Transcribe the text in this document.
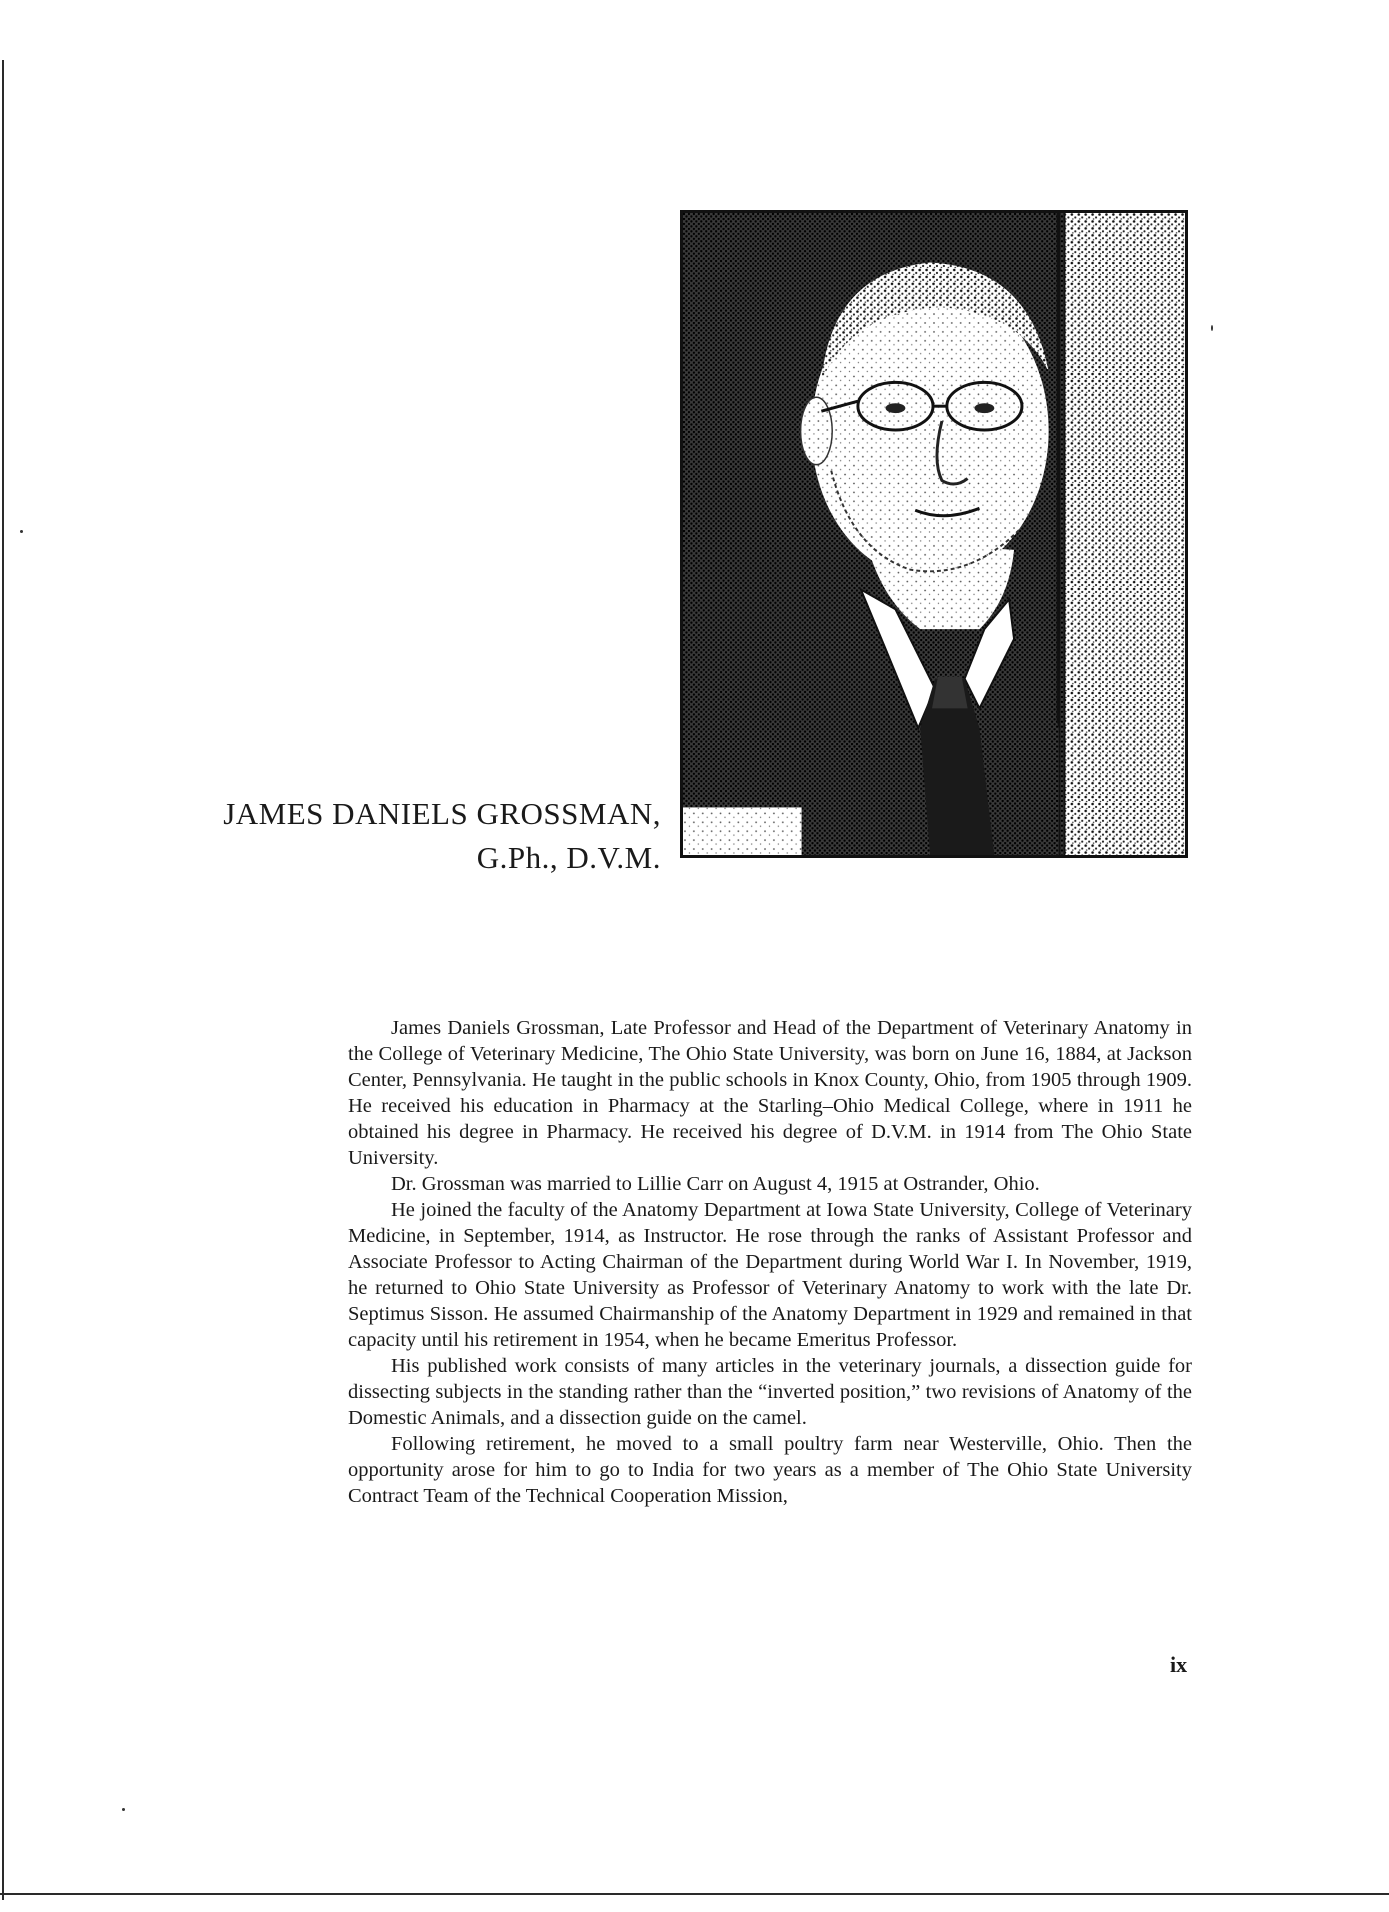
JAMES DANIELS GROSSMAN,
G.Ph., D.V.M.

James Daniels Grossman, Late Professor and Head of the Department of Veterinary Anatomy in the College of Veterinary Medicine, The Ohio State University, was born on June 16, 1884, at Jackson Center, Pennsylvania. He taught in the public schools in Knox County, Ohio, from 1905 through 1909. He received his education in Pharmacy at the Starling–Ohio Medical College, where in 1911 he obtained his degree in Pharmacy. He received his degree of D.V.M. in 1914 from The Ohio State University.

Dr. Grossman was married to Lillie Carr on August 4, 1915 at Ostrander, Ohio.

He joined the faculty of the Anatomy Department at Iowa State University, College of Veterinary Medicine, in September, 1914, as Instructor. He rose through the ranks of Assistant Professor and Associate Professor to Acting Chairman of the Department during World War I. In November, 1919, he returned to Ohio State University as Professor of Veterinary Anatomy to work with the late Dr. Septimus Sisson. He assumed Chairmanship of the Anatomy Department in 1929 and remained in that capacity until his retirement in 1954, when he became Emeritus Professor.

His published work consists of many articles in the veterinary journals, a dissection guide for dissecting subjects in the standing rather than the “inverted position,” two revisions of Anatomy of the Domestic Animals, and a dissection guide on the camel.

Following retirement, he moved to a small poultry farm near Westerville, Ohio. Then the opportunity arose for him to go to India for two years as a member of The Ohio State University Contract Team of the Technical Cooperation Mission,

ix
